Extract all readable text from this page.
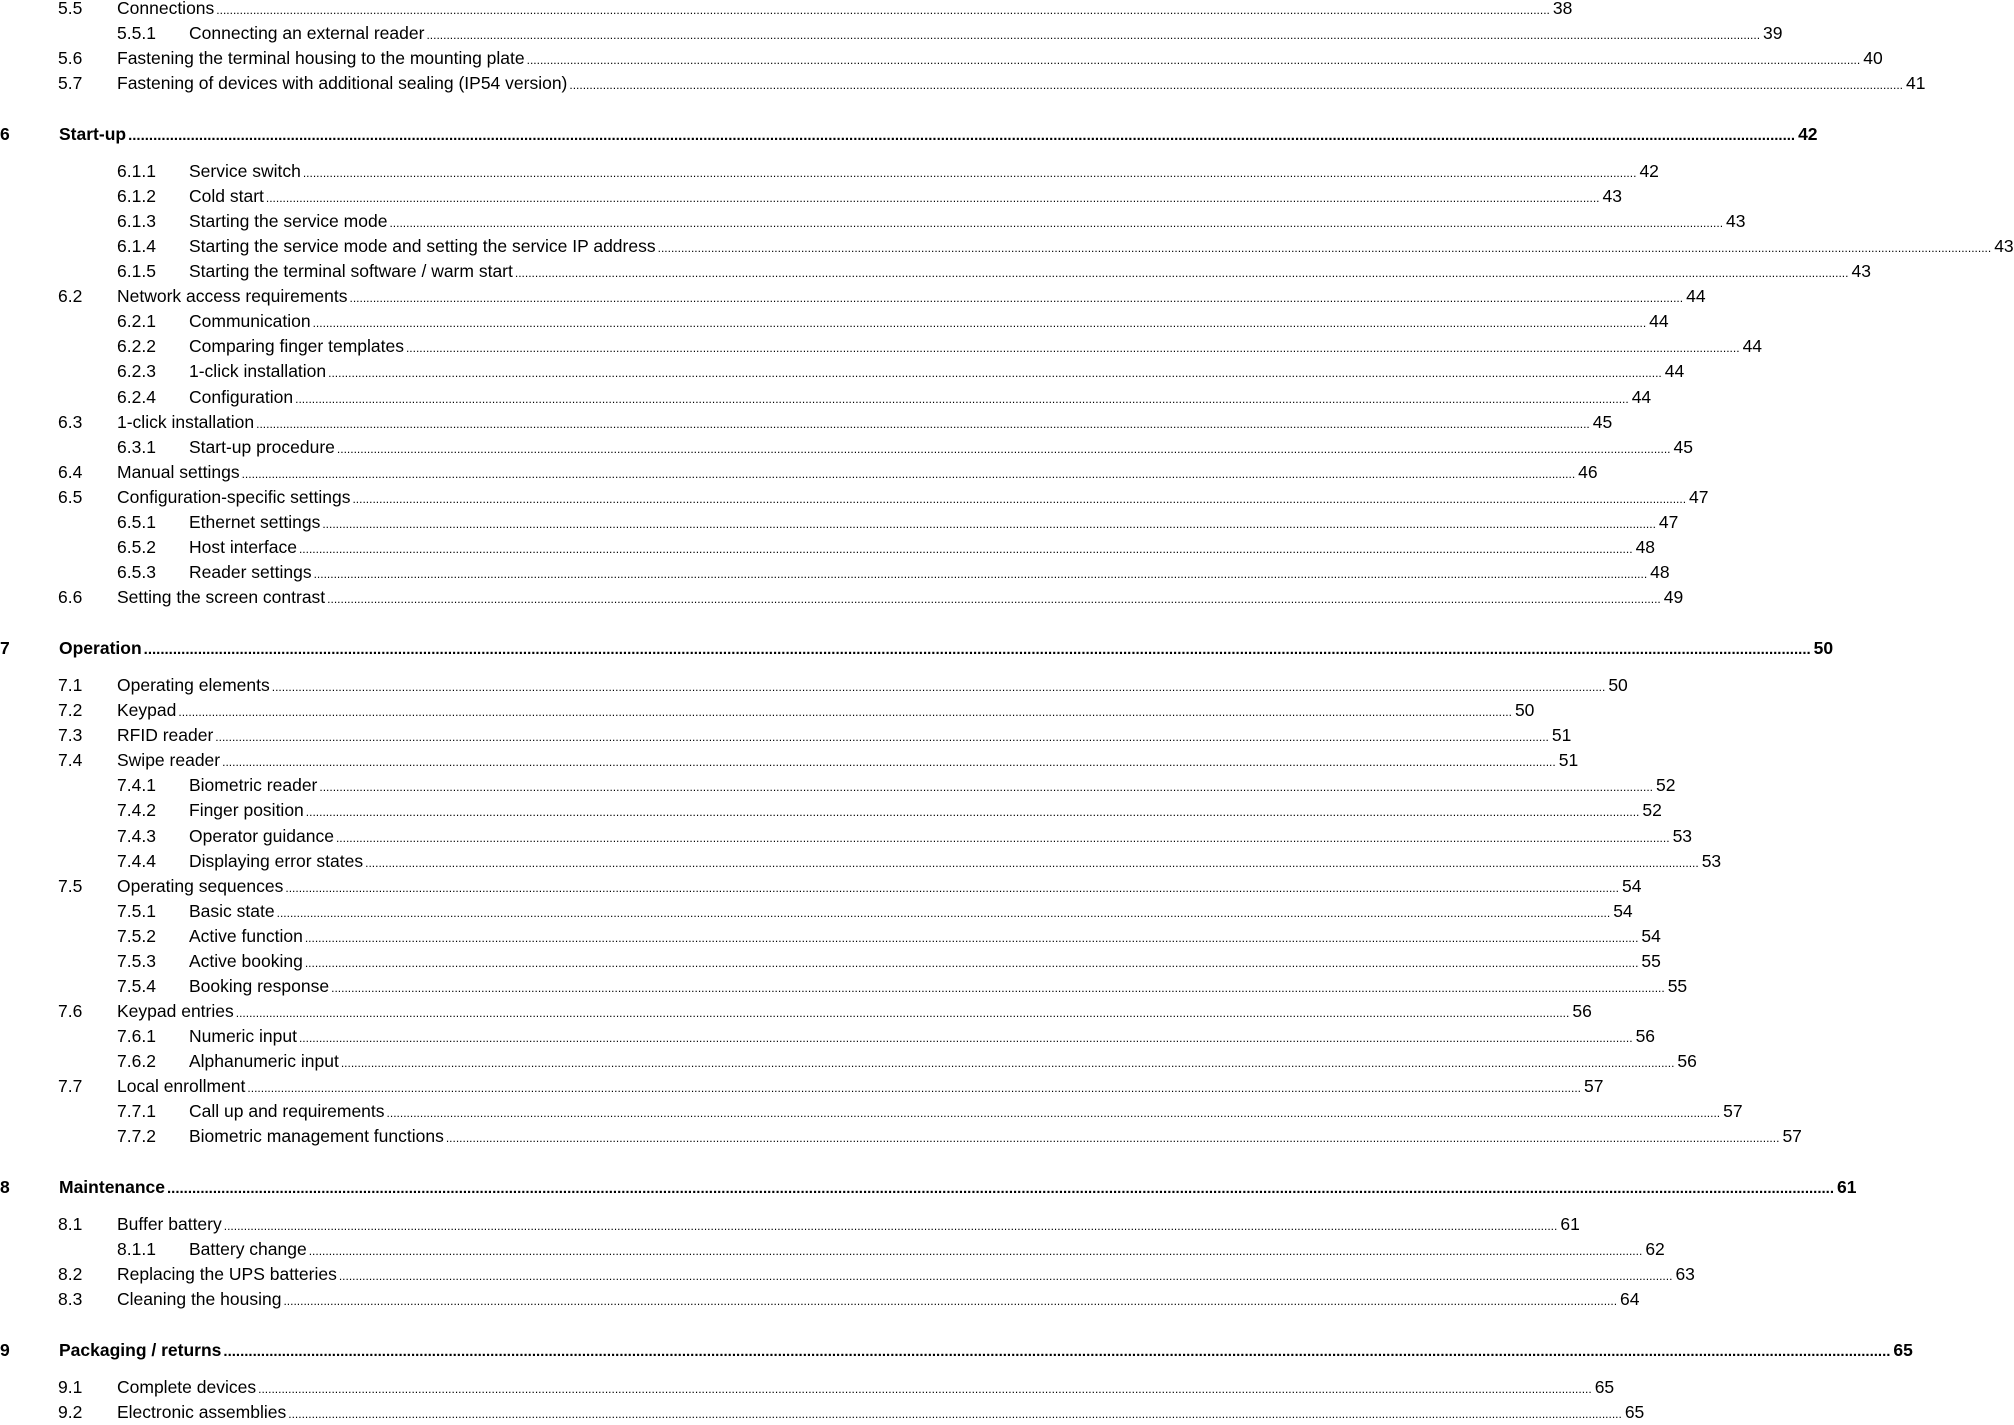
5.5	Connections ................................................................................................................................................................................................................................................................................................................................................................................................................ 38
5.5.1	Connecting an external reader ................................................................................................................................................................................................................................................................................................................................................................................................................ 39
5.6	Fastening the terminal housing to the mounting plate ................................................................................................................................................................................................................................................................................................................................................................................................................ 40
5.7	Fastening of devices with additional sealing (IP54 version) ................................................................................................................................................................................................................................................................................................................................................................................................................ 41
6	Start-up ................................................................................................................................................................................................................................................................................................................................................................................................................ 42
6.1.1	Service switch ................................................................................................................................................................................................................................................................................................................................................................................................................ 42
6.1.2	Cold start ................................................................................................................................................................................................................................................................................................................................................................................................................ 43
6.1.3	Starting the service mode ................................................................................................................................................................................................................................................................................................................................................................................................................ 43
6.1.4	Starting the service mode and setting the service IP address ................................................................................................................................................................................................................................................................................................................................................................................................................ 43
6.1.5	Starting the terminal software / warm start ................................................................................................................................................................................................................................................................................................................................................................................................................ 43
6.2	Network access requirements ................................................................................................................................................................................................................................................................................................................................................................................................................ 44
6.2.1	Communication ................................................................................................................................................................................................................................................................................................................................................................................................................ 44
6.2.2	Comparing finger templates ................................................................................................................................................................................................................................................................................................................................................................................................................ 44
6.2.3	1-click installation ................................................................................................................................................................................................................................................................................................................................................................................................................ 44
6.2.4	Configuration ................................................................................................................................................................................................................................................................................................................................................................................................................ 44
6.3	1-click installation ................................................................................................................................................................................................................................................................................................................................................................................................................ 45
6.3.1	Start-up procedure ................................................................................................................................................................................................................................................................................................................................................................................................................ 45
6.4	Manual settings ................................................................................................................................................................................................................................................................................................................................................................................................................ 46
6.5	Configuration-specific settings ................................................................................................................................................................................................................................................................................................................................................................................................................ 47
6.5.1	Ethernet settings ................................................................................................................................................................................................................................................................................................................................................................................................................ 47
6.5.2	Host interface ................................................................................................................................................................................................................................................................................................................................................................................................................ 48
6.5.3	Reader settings ................................................................................................................................................................................................................................................................................................................................................................................................................ 48
6.6	Setting the screen contrast ................................................................................................................................................................................................................................................................................................................................................................................................................ 49
7	Operation ................................................................................................................................................................................................................................................................................................................................................................................................................ 50
7.1	Operating elements ................................................................................................................................................................................................................................................................................................................................................................................................................ 50
7.2	Keypad ................................................................................................................................................................................................................................................................................................................................................................................................................ 50
7.3	RFID reader ................................................................................................................................................................................................................................................................................................................................................................................................................ 51
7.4	Swipe reader ................................................................................................................................................................................................................................................................................................................................................................................................................ 51
7.4.1	Biometric reader ................................................................................................................................................................................................................................................................................................................................................................................................................ 52
7.4.2	Finger position ................................................................................................................................................................................................................................................................................................................................................................................................................ 52
7.4.3	Operator guidance ................................................................................................................................................................................................................................................................................................................................................................................................................ 53
7.4.4	Displaying error states ................................................................................................................................................................................................................................................................................................................................................................................................................ 53
7.5	Operating sequences ................................................................................................................................................................................................................................................................................................................................................................................................................ 54
7.5.1	Basic state ................................................................................................................................................................................................................................................................................................................................................................................................................ 54
7.5.2	Active function ................................................................................................................................................................................................................................................................................................................................................................................................................ 54
7.5.3	Active booking ................................................................................................................................................................................................................................................................................................................................................................................................................ 55
7.5.4	Booking response ................................................................................................................................................................................................................................................................................................................................................................................................................ 55
7.6	Keypad entries ................................................................................................................................................................................................................................................................................................................................................................................................................ 56
7.6.1	Numeric input ................................................................................................................................................................................................................................................................................................................................................................................................................ 56
7.6.2	Alphanumeric input ................................................................................................................................................................................................................................................................................................................................................................................................................ 56
7.7	Local enrollment ................................................................................................................................................................................................................................................................................................................................................................................................................ 57
7.7.1	Call up and requirements ................................................................................................................................................................................................................................................................................................................................................................................................................ 57
7.7.2	Biometric management functions ................................................................................................................................................................................................................................................................................................................................................................................................................ 57
8	Maintenance ................................................................................................................................................................................................................................................................................................................................................................................................................ 61
8.1	Buffer battery ................................................................................................................................................................................................................................................................................................................................................................................................................ 61
8.1.1	Battery change ................................................................................................................................................................................................................................................................................................................................................................................................................ 62
8.2	Replacing the UPS batteries ................................................................................................................................................................................................................................................................................................................................................................................................................ 63
8.3	Cleaning the housing ................................................................................................................................................................................................................................................................................................................................................................................................................ 64
9	Packaging / returns ................................................................................................................................................................................................................................................................................................................................................................................................................ 65
9.1	Complete devices ................................................................................................................................................................................................................................................................................................................................................................................................................ 65
9.2	Electronic assemblies ................................................................................................................................................................................................................................................................................................................................................................................................................ 65
